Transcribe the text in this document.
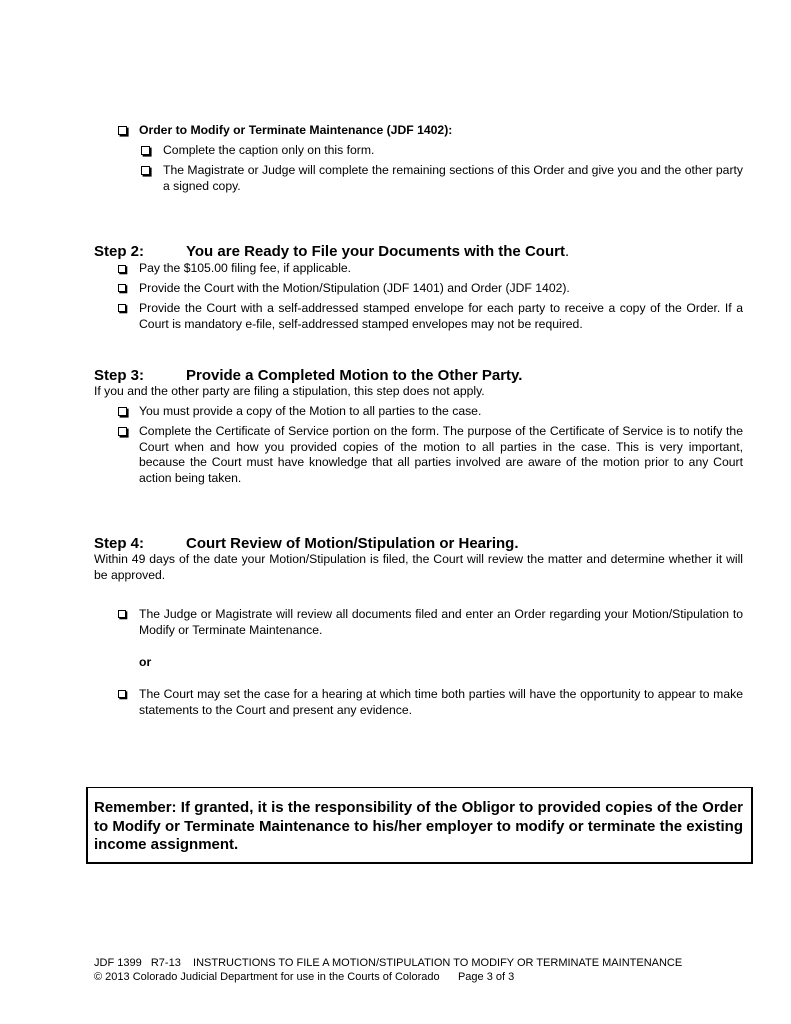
Order to Modify or Terminate Maintenance (JDF 1402):
Complete the caption only on this form.
The Magistrate or Judge will complete the remaining sections of this Order and give you and the other party a signed copy.
Step 2:	You are Ready to File your Documents with the Court.
Pay the $105.00 filing fee, if applicable.
Provide the Court with the Motion/Stipulation (JDF 1401) and Order (JDF 1402).
Provide the Court with a self-addressed stamped envelope for each party to receive a copy of the Order. If a Court is mandatory e-file, self-addressed stamped envelopes may not be required.
Step 3:	Provide a Completed Motion to the Other Party.
If you and the other party are filing a stipulation, this step does not apply.
You must provide a copy of the Motion to all parties to the case.
Complete the Certificate of Service portion on the form. The purpose of the Certificate of Service is to notify the Court when and how you provided copies of the motion to all parties in the case. This is very important, because the Court must have knowledge that all parties involved are aware of the motion prior to any Court action being taken.
Step 4:	Court Review of Motion/Stipulation or Hearing.
Within 49 days of the date your Motion/Stipulation is filed, the Court will review the matter and determine whether it will be approved.
The Judge or Magistrate will review all documents filed and enter an Order regarding your Motion/Stipulation to Modify or Terminate Maintenance.
or
The Court may set the case for a hearing at which time both parties will have the opportunity to appear to make statements to the Court and present any evidence.
Remember: If granted, it is the responsibility of the Obligor to provided copies of the Order to Modify or Terminate Maintenance to his/her employer to modify or terminate the existing income assignment.
JDF 1399   R7-13    INSTRUCTIONS TO FILE A MOTION/STIPULATION TO MODIFY OR TERMINATE MAINTENANCE
© 2013 Colorado Judicial Department for use in the Courts of Colorado      Page 3 of 3
